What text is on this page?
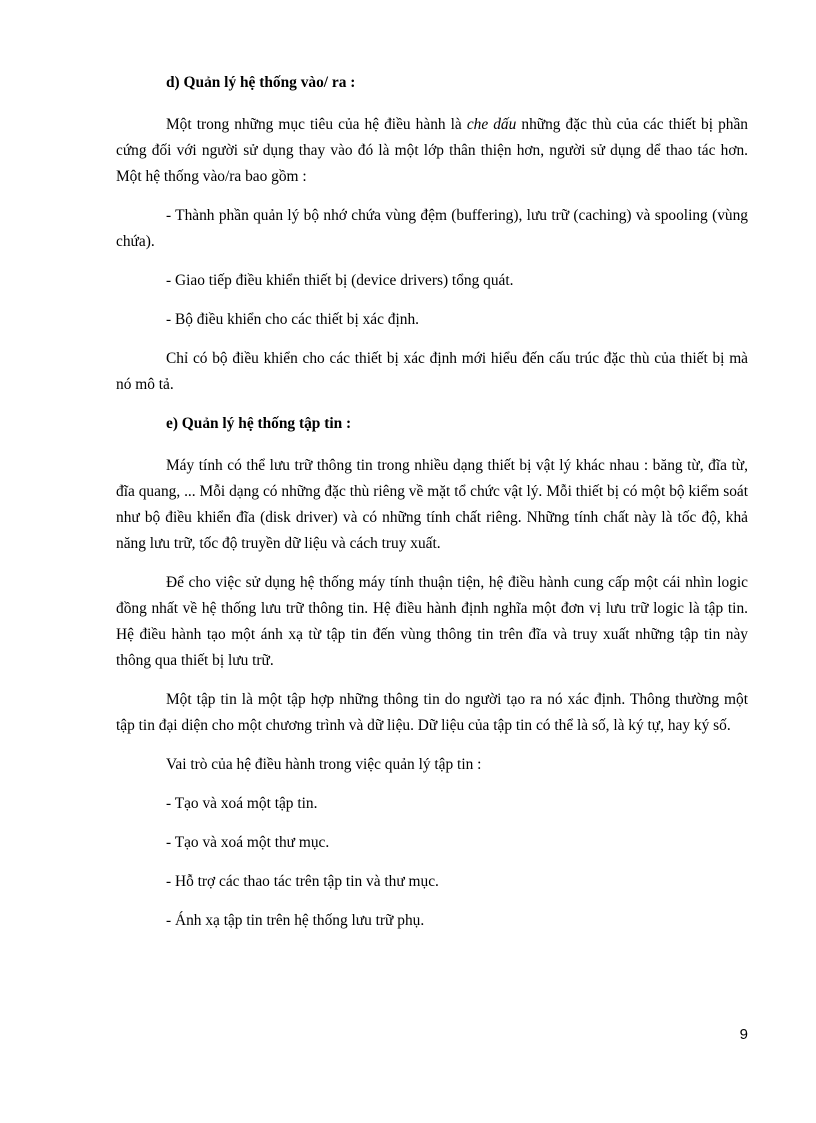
d) Quản lý hệ thống vào/ ra :

Một trong những mục tiêu của hệ điều hành là che dấu những đặc thù của các thiết bị phần cứng đối với người sử dụng thay vào đó là một lớp thân thiện hơn, người sử dụng dể thao tác hơn. Một hệ thống vào/ra bao gồm :

- Thành phần quản lý bộ nhớ chứa vùng đệm (buffering), lưu trữ (caching) và spooling (vùng chứa).

- Giao tiếp điều khiển thiết bị (device drivers) tổng quát.

- Bộ điều khiển cho các thiết bị xác định.

Chỉ có bộ điều khiển cho các thiết bị xác định mới hiểu đến cấu trúc đặc thù của thiết bị mà nó mô tả.

e) Quản lý hệ thống tập tin :

Máy tính có thể lưu trữ thông tin trong nhiều dạng thiết bị vật lý khác nhau : băng từ, đĩa từ, đĩa quang, ... Mỗi dạng có những đặc thù riêng về mặt tổ chức vật lý. Mỗi thiết bị có một bộ kiểm soát như bộ điều khiển đĩa (disk driver) và có những tính chất riêng. Những tính chất này là tốc độ, khả năng lưu trữ, tốc độ truyền dữ liệu và cách truy xuất.

Để cho việc sử dụng hệ thống máy tính thuận tiện, hệ điều hành cung cấp một cái nhìn logic đồng nhất về hệ thống lưu trữ thông tin. Hệ điều hành định nghĩa một đơn vị lưu trữ logic là tập tin. Hệ điều hành tạo một ánh xạ từ tập tin đến vùng thông tin trên đĩa và truy xuất những tập tin này thông qua thiết bị lưu trữ.

Một tập tin là một tập hợp những thông tin do người tạo ra nó xác định. Thông thường một tập tin đại diện cho một chương trình và dữ liệu. Dữ liệu của tập tin có thể là số, là ký tự, hay ký số.

Vai trò của hệ điều hành trong việc quản lý tập tin :

- Tạo và xoá một tập tin.

- Tạo và xoá một thư mục.

- Hỗ trợ các thao tác trên tập tin và thư mục.

- Ánh xạ tập tin trên hệ thống lưu trữ phụ.

9
